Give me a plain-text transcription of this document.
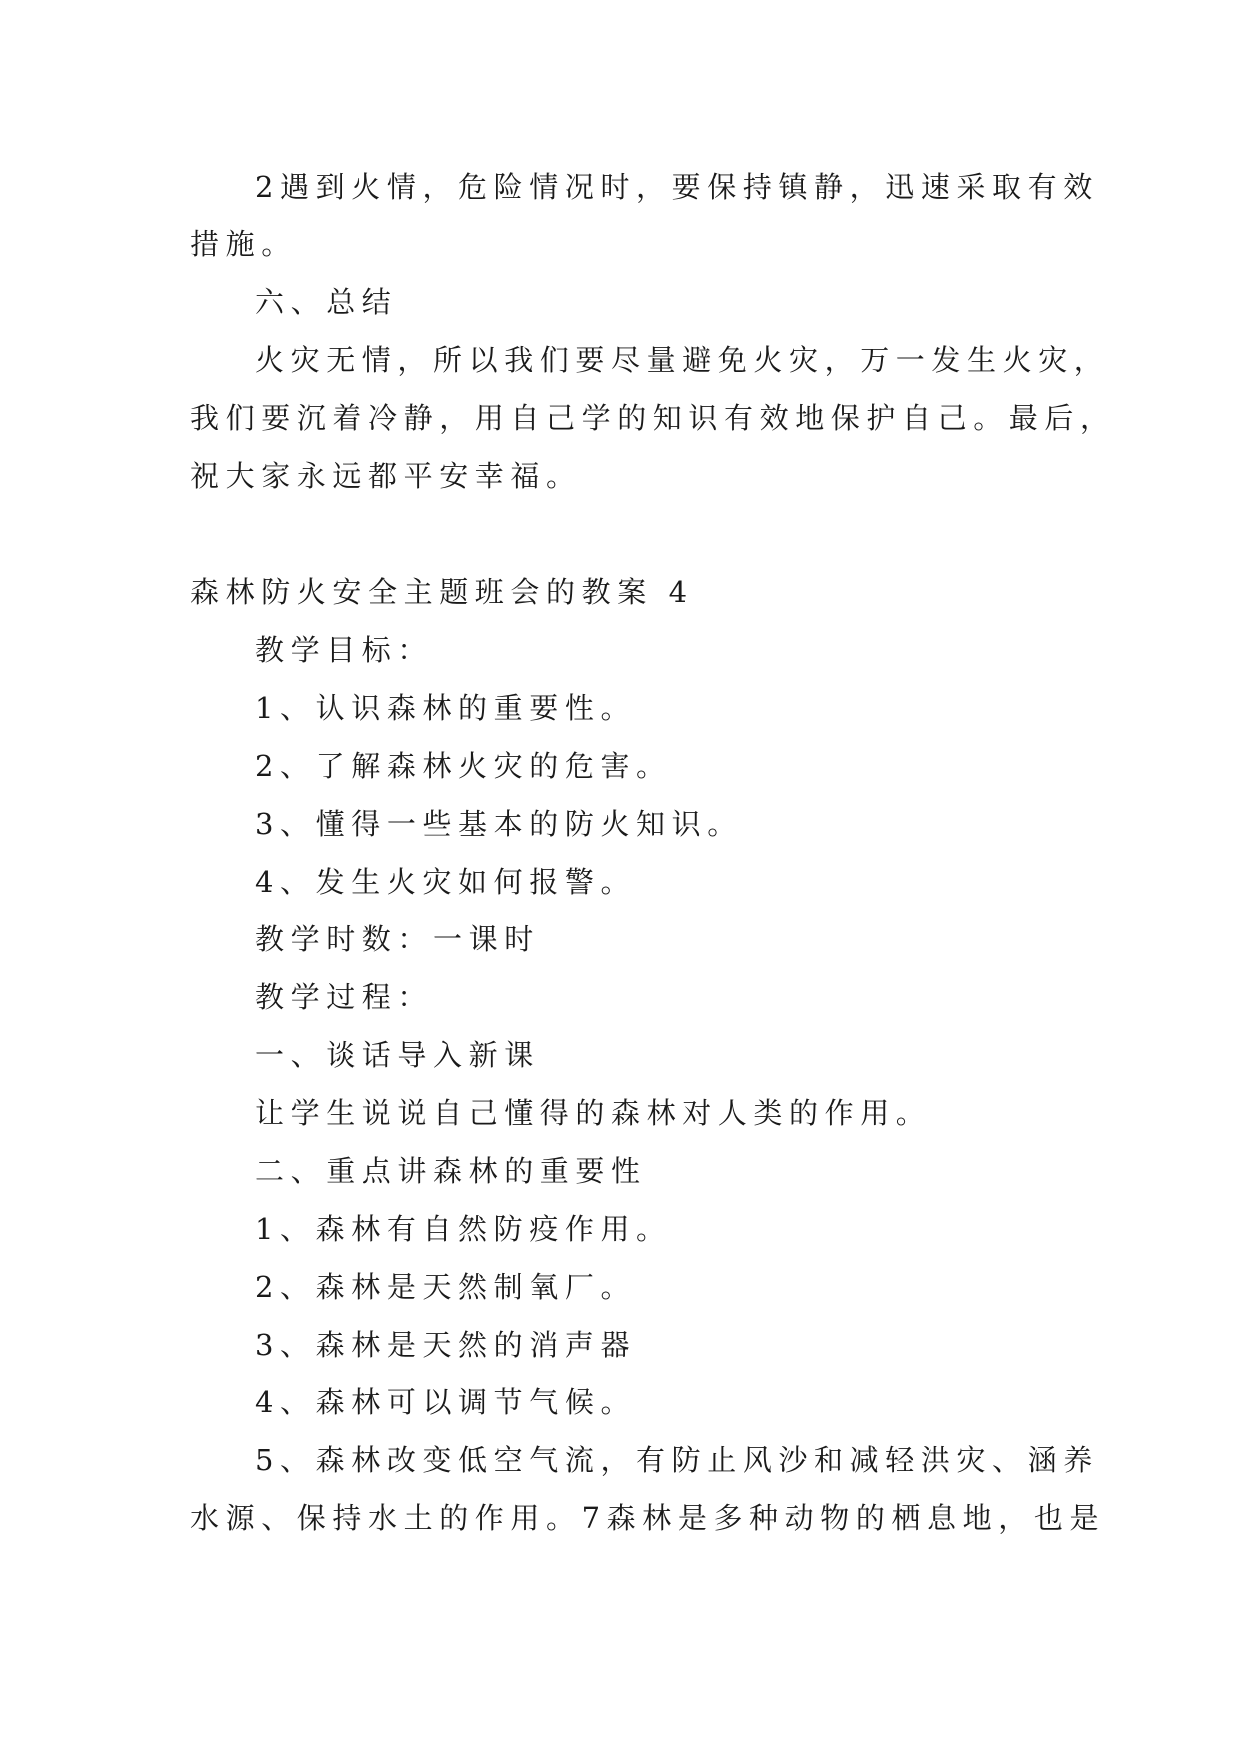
2遇到火情，危险情况时，要保持镇静，迅速采取有效
措施。
六、总结
火灾无情，所以我们要尽量避免火灾，万一发生火灾，
我们要沉着冷静，用自己学的知识有效地保护自己。最后，
祝大家永远都平安幸福。
森林防火安全主题班会的教案 4
教学目标：
1、认识森林的重要性。
2、了解森林火灾的危害。
3、懂得一些基本的防火知识。
4、发生火灾如何报警。
教学时数：一课时
教学过程：
一、谈话导入新课
让学生说说自己懂得的森林对人类的作用。
二、重点讲森林的重要性
1、森林有自然防疫作用。
2、森林是天然制氧厂。
3、森林是天然的消声器
4、森林可以调节气候。
5、森林改变低空气流，有防止风沙和减轻洪灾、涵养
水源、保持水土的作用。7森林是多种动物的栖息地，也是
